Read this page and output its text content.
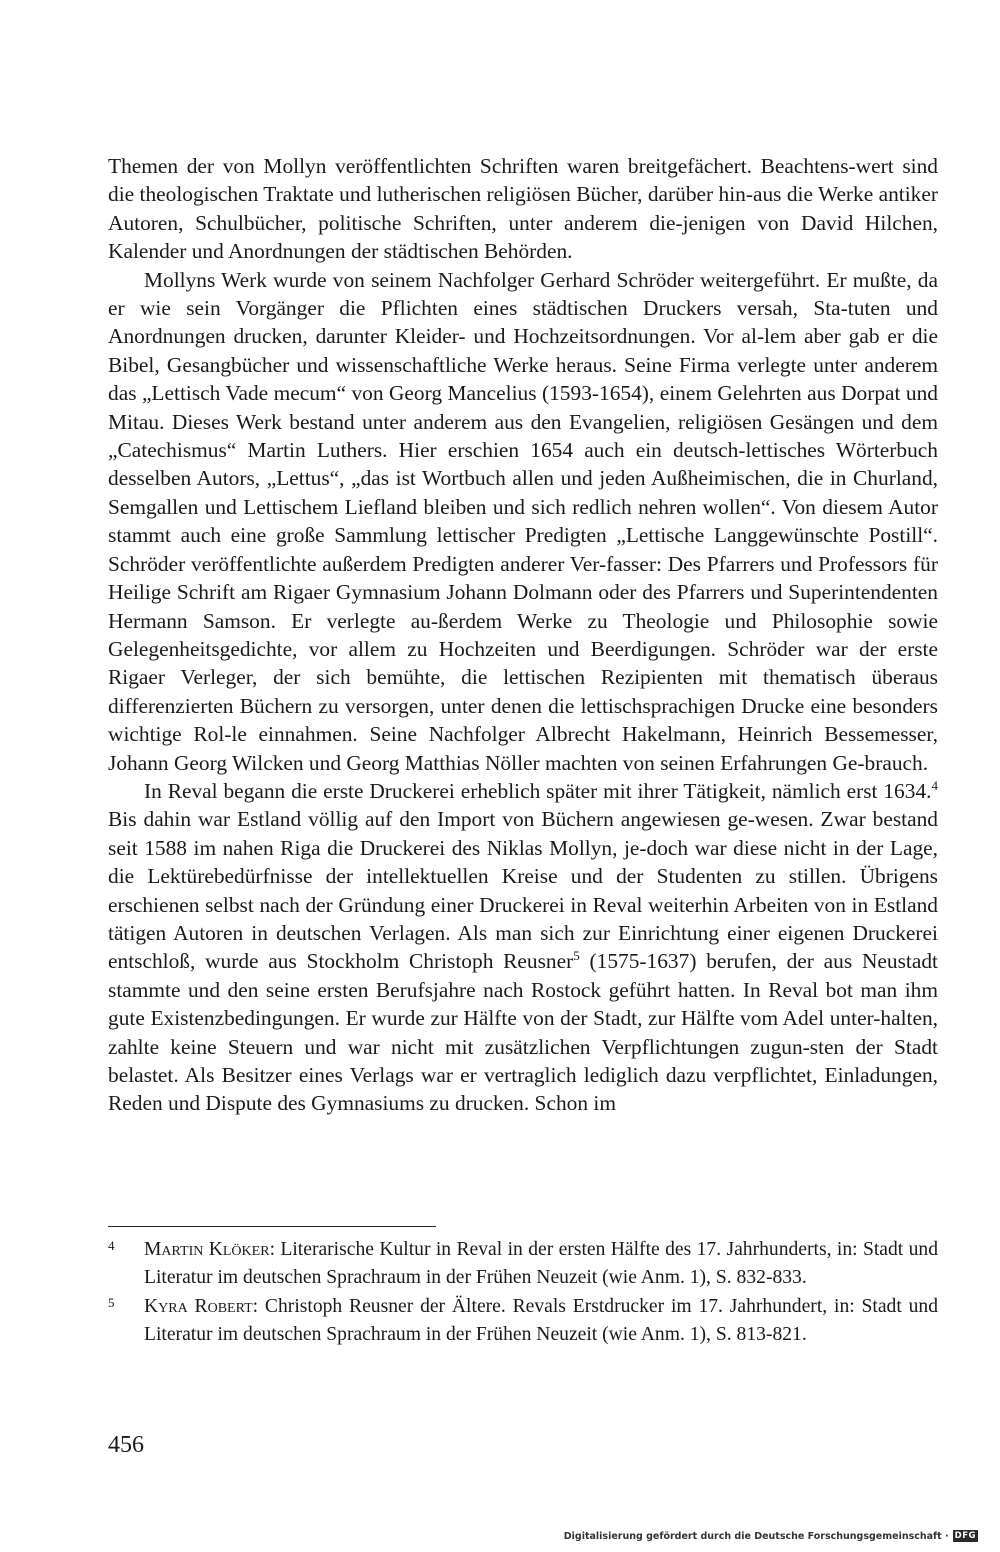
Themen der von Mollyn veröffentlichten Schriften waren breitgefächert. Beachtens-wert sind die theologischen Traktate und lutherischen religiösen Bücher, darüber hin-aus die Werke antiker Autoren, Schulbücher, politische Schriften, unter anderem die-jenigen von David Hilchen, Kalender und Anordnungen der städtischen Behörden.

Mollyns Werk wurde von seinem Nachfolger Gerhard Schröder weitergeführt. Er mußte, da er wie sein Vorgänger die Pflichten eines städtischen Druckers versah, Sta-tuten und Anordnungen drucken, darunter Kleider- und Hochzeitsordnungen. Vor al-lem aber gab er die Bibel, Gesangbücher und wissenschaftliche Werke heraus. Seine Firma verlegte unter anderem das „Lettisch Vade mecum“ von Georg Mancelius (1593-1654), einem Gelehrten aus Dorpat und Mitau. Dieses Werk bestand unter anderem aus den Evangelien, religiösen Gesängen und dem „Catechismus“ Martin Luthers. Hier erschien 1654 auch ein deutsch-lettisches Wörterbuch desselben Autors, „Lettus“, „das ist Wortbuch allen und jeden Außheimischen, die in Churland, Semgallen und Lettischem Liefland bleiben und sich redlich nehren wollen“. Von diesem Autor stammt auch eine große Sammlung lettischer Predigten „Lettische Langgewünschte Postill“. Schröder veröffentlichte außerdem Predigten anderer Ver-fasser: Des Pfarrers und Professors für Heilige Schrift am Rigaer Gymnasium Johann Dolmann oder des Pfarrers und Superintendenten Hermann Samson. Er verlegte au-ßerdem Werke zu Theologie und Philosophie sowie Gelegenheitsgedichte, vor allem zu Hochzeiten und Beerdigungen. Schröder war der erste Rigaer Verleger, der sich bemühte, die lettischen Rezipienten mit thematisch überaus differenzierten Büchern zu versorgen, unter denen die lettischsprachigen Drucke eine besonders wichtige Rol-le einnahmen. Seine Nachfolger Albrecht Hakelmann, Heinrich Bessemesser, Johann Georg Wilcken und Georg Matthias Nöller machten von seinen Erfahrungen Ge-brauch.

In Reval begann die erste Druckerei erheblich später mit ihrer Tätigkeit, nämlich erst 1634.$^4$ Bis dahin war Estland völlig auf den Import von Büchern angewiesen ge-wesen. Zwar bestand seit 1588 im nahen Riga die Druckerei des Niklas Mollyn, je-doch war diese nicht in der Lage, die Lektürebedürfnisse der intellektuellen Kreise und der Studenten zu stillen. Übrigens erschienen selbst nach der Gründung einer Druckerei in Reval weiterhin Arbeiten von in Estland tätigen Autoren in deutschen Verlagen. Als man sich zur Einrichtung einer eigenen Druckerei entschloß, wurde aus Stockholm Christoph Reusner$^5$ (1575-1637) berufen, der aus Neustadt stammte und den seine ersten Berufsjahre nach Rostock geführt hatten. In Reval bot man ihm gute Existenzbedingungen. Er wurde zur Hälfte von der Stadt, zur Hälfte vom Adel unter-halten, zahlte keine Steuern und war nicht mit zusätzlichen Verpflichtungen zugun-sten der Stadt belastet. Als Besitzer eines Verlags war er vertraglich lediglich dazu verpflichtet, Einladungen, Reden und Dispute des Gymnasiums zu drucken. Schon im

4 Martin Klöker: Literarische Kultur in Reval in der ersten Hälfte des 17. Jahrhunderts, in: Stadt und Literatur im deutschen Sprachraum in der Frühen Neuzeit (wie Anm. 1), S. 832-833.
5 Kyra Robert: Christoph Reusner der Ältere. Revals Erstdrucker im 17. Jahrhundert, in: Stadt und Literatur im deutschen Sprachraum in der Frühen Neuzeit (wie Anm. 1), S. 813-821.
456
Digitalisierung gefördert durch die Deutsche Forschungsgemeinschaft · DFG
